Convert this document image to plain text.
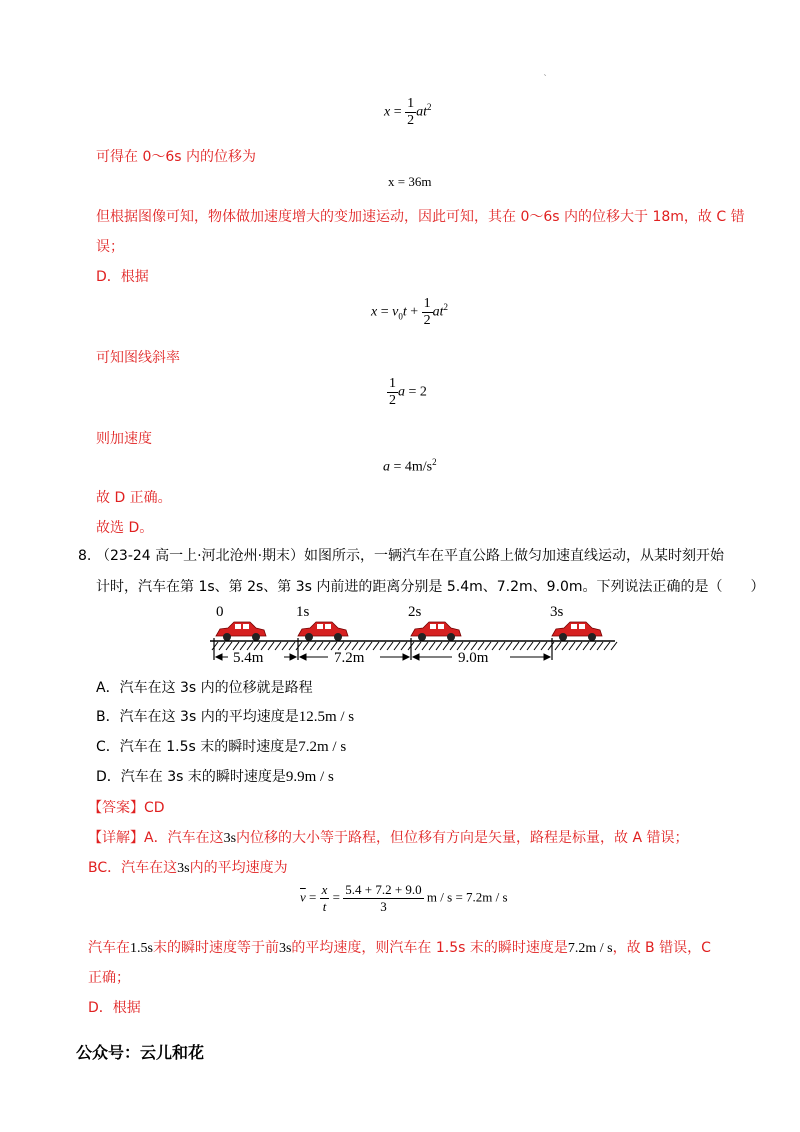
`
$x = \frac{1}{2} at^2$
可得在 0～6s 内的位移为
x = 36m
但根据图像可知，物体做加速度增大的变加速运动，因此可知，其在 0～6s 内的位移大于 18m，故 C 错
误；
D．根据
$x = v_0t + \frac{1}{2} at^2$
可知图线斜率
$\frac{1}{2}$ a = 2
则加速度
$a = 4m/s^2$
故 D 正确。
故选 D。
8. （23-24 高一上·河北沧州·期末）如图所示，一辆汽车在平直公路上做匀加速直线运动，从某时刻开始
计时，汽车在第 1s、第 2s、第 3s 内前进的距离分别是 5.4m、7.2m、9.0m。下列说法正确的是（　　）
0	1s	2s	3s
5.4m	7.2m	9.0m
A．汽车在这 3s 内的位移就是路程
B．汽车在这 3s 内的平均速度是12.5m / s
C．汽车在 1.5s 末的瞬时速度是7.2m / s
D．汽车在 3s 末的瞬时速度是9.9m / s
【答案】CD
【详解】A．汽车在这3s内位移的大小等于路程，但位移有方向是矢量，路程是标量，故 A 错误；
BC．汽车在这3s内的平均速度为
$\overline{v} = \frac{x}{t} = \frac{5.4 + 7.2 + 9.0}{3}$ m / s = 7.2m / s
汽车在1.5s末的瞬时速度等于前3s的平均速度，则汽车在 1.5s 末的瞬时速度是7.2m / s，故 B 错误，C
正确；
D．根据
公众号：云儿和花
